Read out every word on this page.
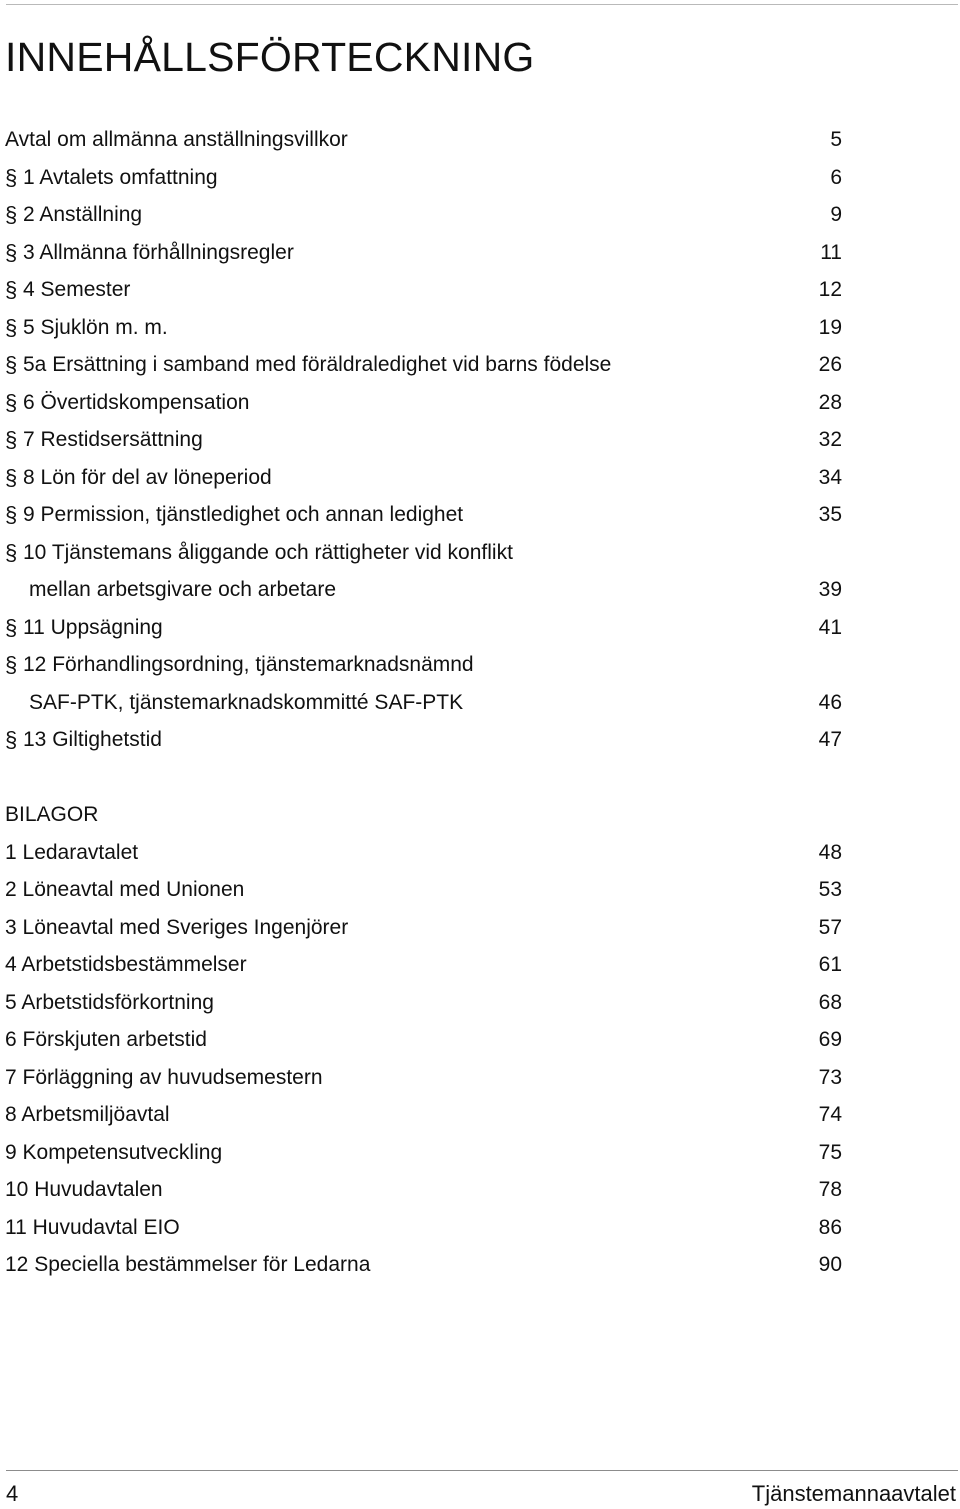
INNEHÅLLSFÖRTECKNING
Avtal om allmänna anställningsvillkor	5
§ 1 Avtalets omfattning	6
§ 2 Anställning	9
§ 3 Allmänna förhållningsregler	11
§ 4 Semester	12
§ 5 Sjuklön m. m.	19
§ 5a Ersättning i samband med föräldraledighet vid barns födelse	26
§ 6 Övertidskompensation	28
§ 7 Restidsersättning	32
§ 8 Lön för del av löneperiod	34
§ 9 Permission, tjänstledighet och annan ledighet	35
§ 10 Tjänstemans åliggande och rättigheter vid konflikt
mellan arbetsgivare och arbetare	39
§ 11 Uppsägning	41
§ 12 Förhandlingsordning, tjänstemarknadsnämnd
SAF-PTK, tjänstemarknadskommitté SAF-PTK	46
§ 13 Giltighetstid	47
BILAGOR
1 Ledaravtalet	48
2 Löneavtal med Unionen	53
3 Löneavtal med Sveriges Ingenjörer	57
4 Arbetstidsbestämmelser	61
5 Arbetstidsförkortning	68
6 Förskjuten arbetstid	69
7 Förläggning av huvudsemestern	73
8 Arbetsmiljöavtal	74
9 Kompetensutveckling	75
10 Huvudavtalen	78
11 Huvudavtal EIO	86
12 Speciella bestämmelser för Ledarna	90
4	Tjänstemannaavtalet
